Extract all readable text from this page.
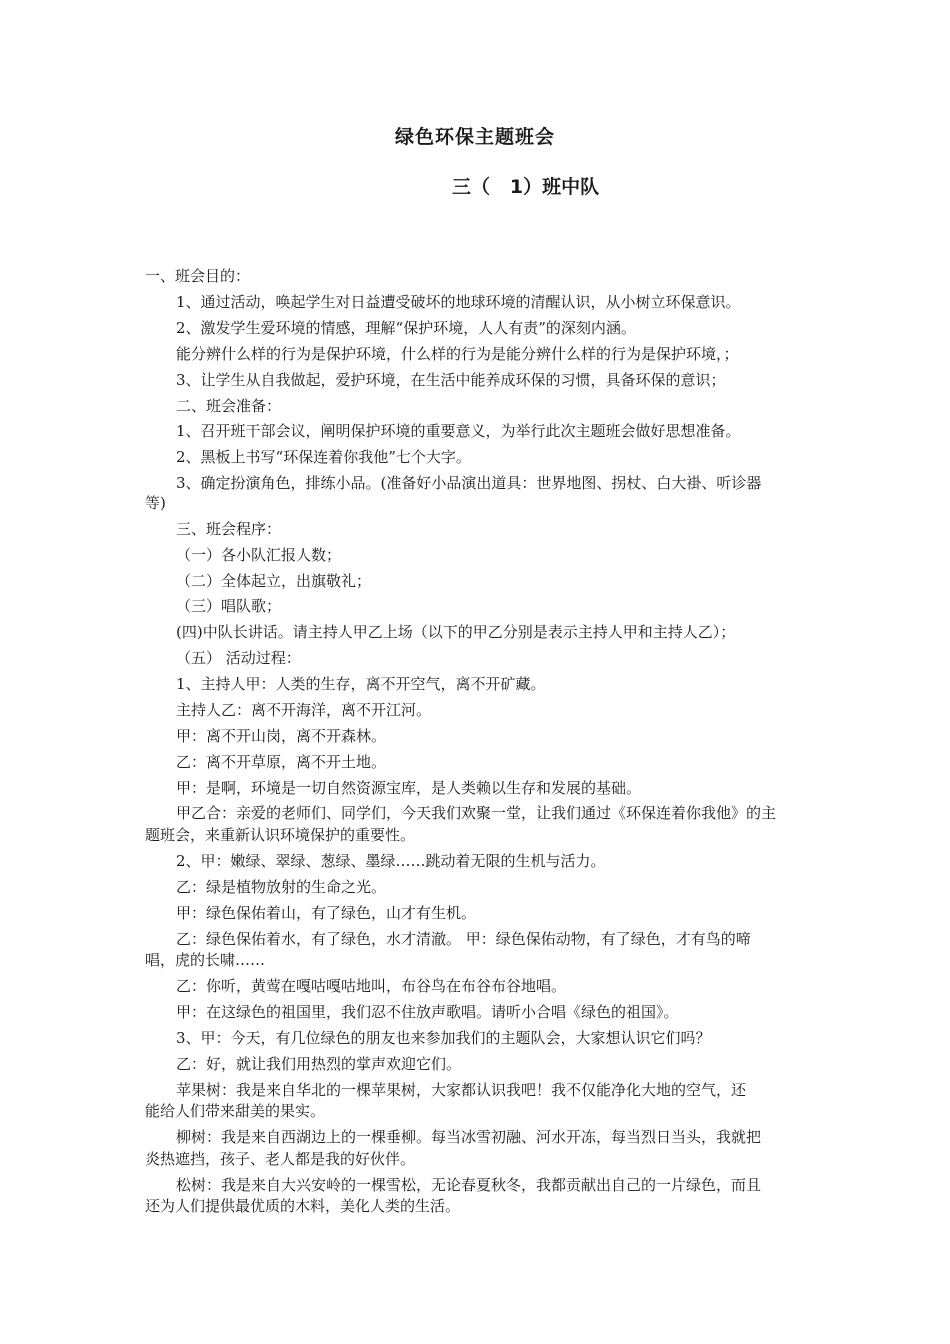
绿色环保主题班会
三（   1）班中队
一、班会目的：
1、通过活动，唤起学生对日益遭受破坏的地球环境的清醒认识，从小树立环保意识。
2、激发学生爱环境的情感，理解“保护环境，人人有责”的深刻内涵。
能分辨什么样的行为是保护环境，什么样的行为是能分辨什么样的行为是保护环境，；
3、让学生从自我做起，爱护环境，在生活中能养成环保的习惯，具备环保的意识；
二、班会准备：
1、召开班干部会议，阐明保护环境的重要意义，为举行此次主题班会做好思想准备。
2、黑板上书写“环保连着你我他”七个大字。
3、确定扮演角色，排练小品。(准备好小品演出道具：世界地图、拐杖、白大褂、听诊器
等)
三、班会程序：
（一）各小队汇报人数；
（二）全体起立，出旗敬礼；
（三）唱队歌；
(四)中队长讲话。请主持人甲乙上场（以下的甲乙分别是表示主持人甲和主持人乙）；
（五） 活动过程：
1、主持人甲：人类的生存，离不开空气，离不开矿藏。
主持人乙：离不开海洋，离不开江河。
甲：离不开山岗，离不开森林。
乙：离不开草原，离不开土地。
甲：是啊，环境是一切自然资源宝库，是人类赖以生存和发展的基础。
甲乙合：亲爱的老师们、同学们，今天我们欢聚一堂，让我们通过《环保连着你我他》的主
题班会，来重新认识环境保护的重要性。
2、甲：嫩绿、翠绿、葱绿、墨绿……跳动着无限的生机与活力。
乙：绿是植物放射的生命之光。
甲：绿色保佑着山，有了绿色，山才有生机。
乙：绿色保佑着水，有了绿色，水才清澈。 甲：绿色保佑动物，有了绿色，才有鸟的啼
唱，虎的长啸……
乙：你听，黄莺在嘎咕嘎咕地叫，布谷鸟在布谷布谷地唱。
甲：在这绿色的祖国里，我们忍不住放声歌唱。请听小合唱《绿色的祖国》。
3、甲：今天，有几位绿色的朋友也来参加我们的主题队会，大家想认识它们吗？
乙：好，就让我们用热烈的掌声欢迎它们。
苹果树：我是来自华北的一棵苹果树，大家都认识我吧！我不仅能净化大地的空气，还
能给人们带来甜美的果实。
柳树：我是来自西湖边上的一棵垂柳。每当冰雪初融、河水开冻，每当烈日当头，我就把
炎热遮挡，孩子、老人都是我的好伙伴。
松树：我是来自大兴安岭的一棵雪松，无论春夏秋冬，我都贡献出自己的一片绿色，而且
还为人们提供最优质的木料，美化人类的生活。
